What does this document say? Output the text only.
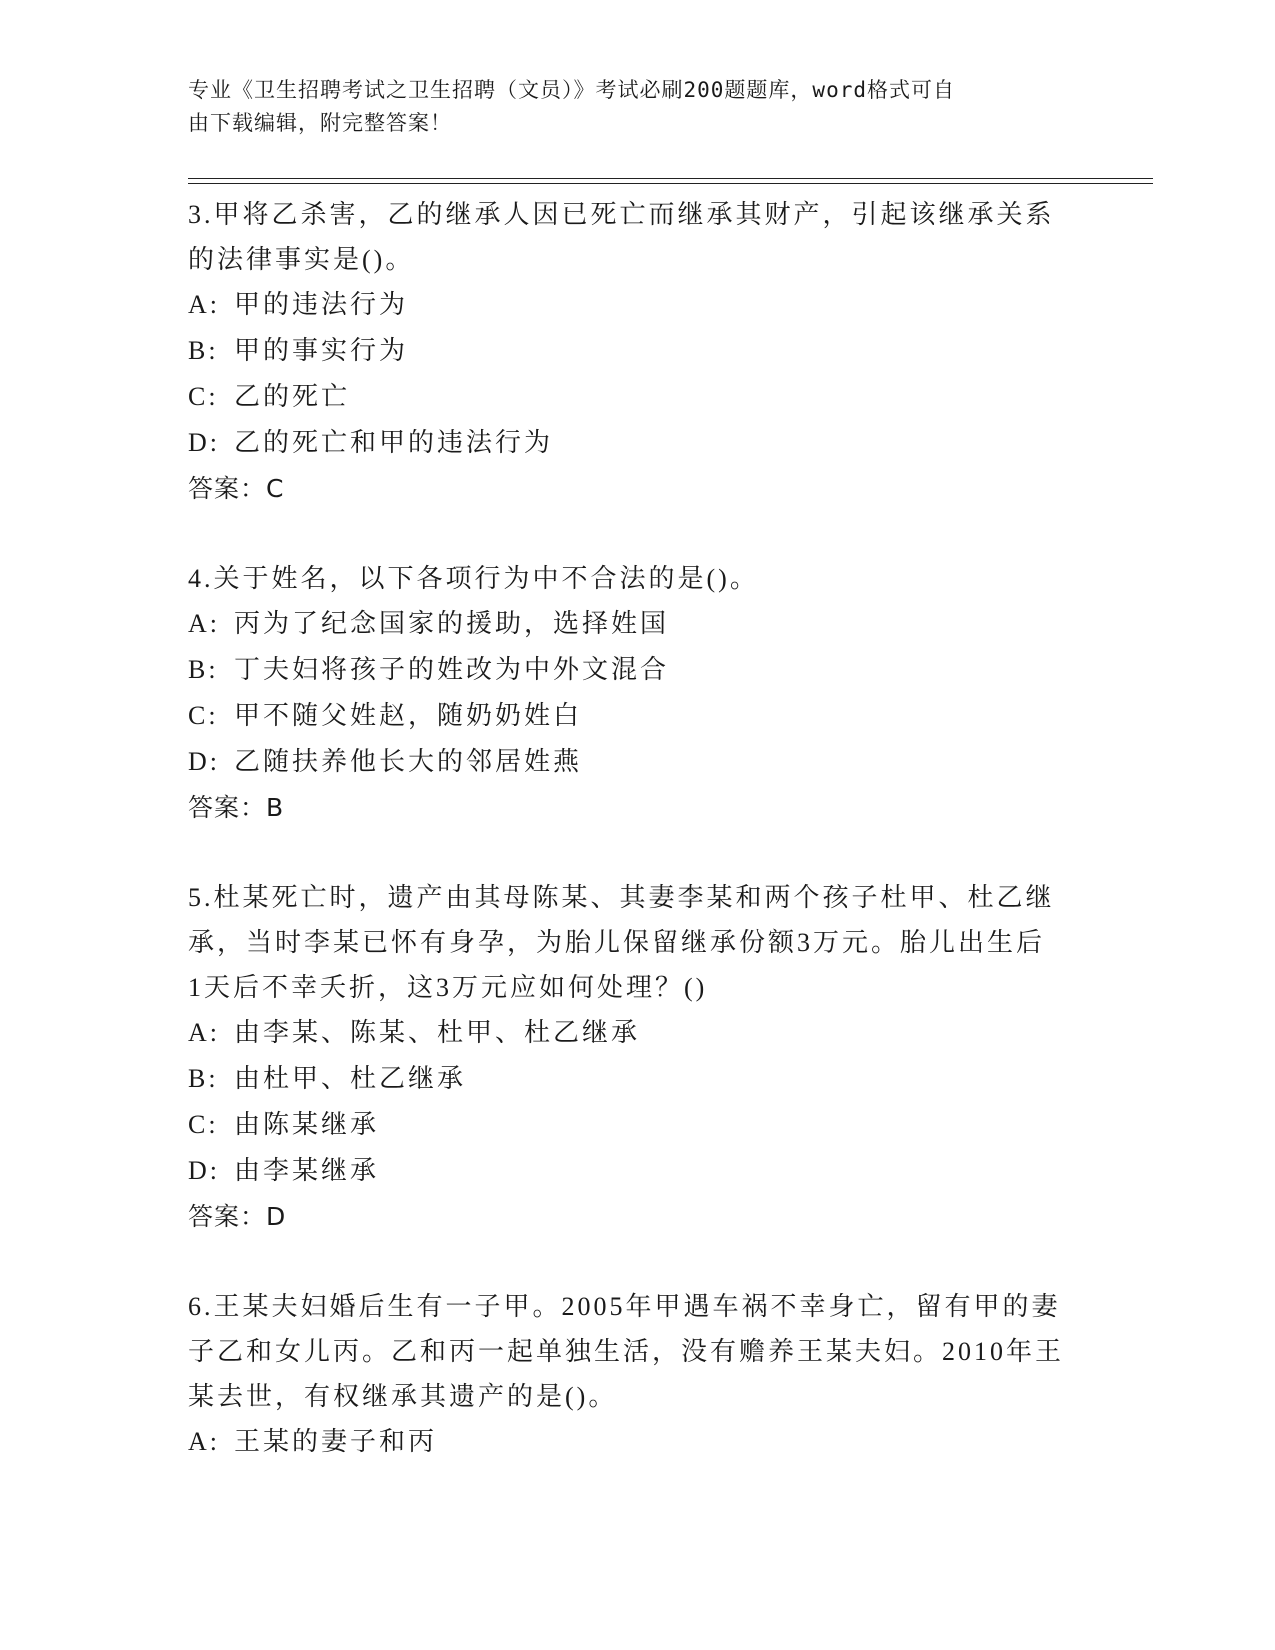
专业《卫生招聘考试之卫生招聘（文员）》考试必刷200题题库，word格式可自
由下载编辑，附完整答案！
3.甲将乙杀害，乙的继承人因已死亡而继承其财产，引起该继承关系
的法律事实是()。
A: 甲的违法行为
B: 甲的事实行为
C: 乙的死亡
D: 乙的死亡和甲的违法行为
答案：C
4.关于姓名，以下各项行为中不合法的是()。
A: 丙为了纪念国家的援助，选择姓国
B: 丁夫妇将孩子的姓改为中外文混合
C: 甲不随父姓赵，随奶奶姓白
D: 乙随扶养他长大的邻居姓燕
答案：B
5.杜某死亡时，遗产由其母陈某、其妻李某和两个孩子杜甲、杜乙继
承，当时李某已怀有身孕，为胎儿保留继承份额3万元。胎儿出生后
1天后不幸夭折，这3万元应如何处理？()
A: 由李某、陈某、杜甲、杜乙继承
B: 由杜甲、杜乙继承
C: 由陈某继承
D: 由李某继承
答案：D
6.王某夫妇婚后生有一子甲。2005年甲遇车祸不幸身亡，留有甲的妻
子乙和女儿丙。乙和丙一起单独生活，没有赡养王某夫妇。2010年王
某去世，有权继承其遗产的是()。
A: 王某的妻子和丙
